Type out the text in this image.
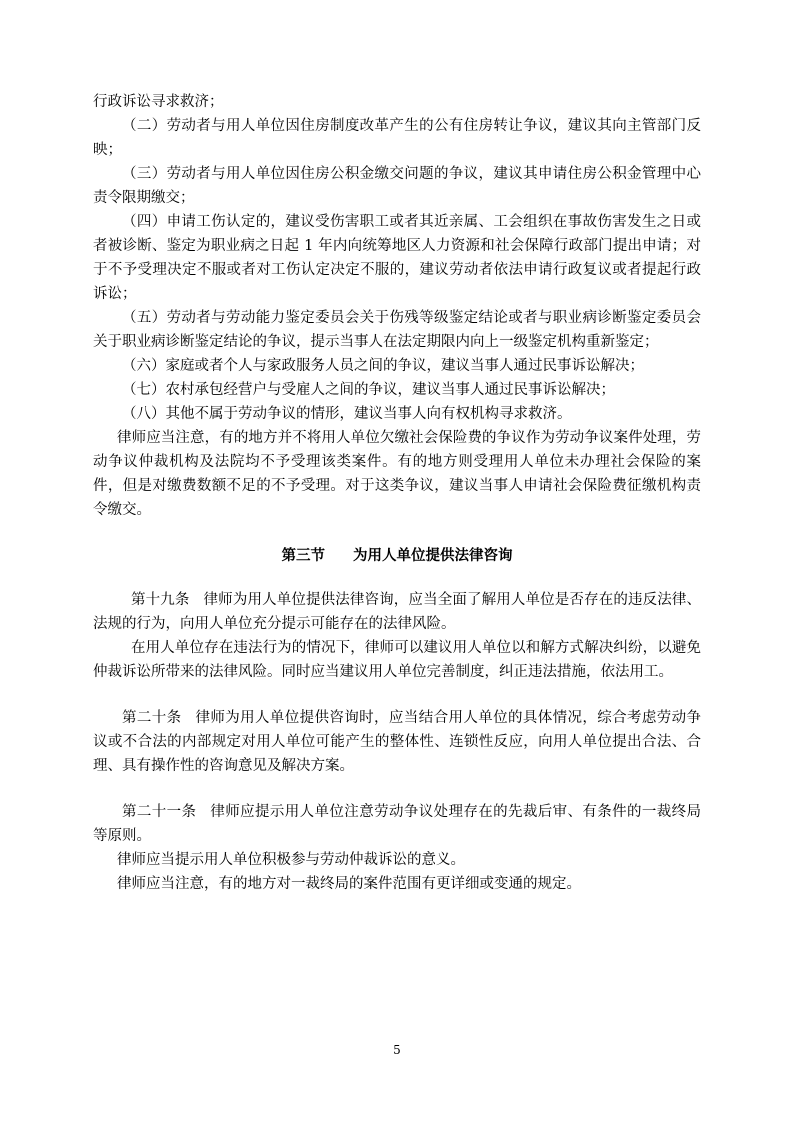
行政诉讼寻求救济；

（二）劳动者与用人单位因住房制度改革产生的公有住房转让争议，建议其向主管部门反映；

（三）劳动者与用人单位因住房公积金缴交问题的争议，建议其申请住房公积金管理中心责令限期缴交；

（四）申请工伤认定的，建议受伤害职工或者其近亲属、工会组织在事故伤害发生之日或者被诊断、鉴定为职业病之日起 1 年内向统筹地区人力资源和社会保障行政部门提出申请；对于不予受理决定不服或者对工伤认定决定不服的，建议劳动者依法申请行政复议或者提起行政诉讼；

（五）劳动者与劳动能力鉴定委员会关于伤残等级鉴定结论或者与职业病诊断鉴定委员会关于职业病诊断鉴定结论的争议，提示当事人在法定期限内向上一级鉴定机构重新鉴定；

（六）家庭或者个人与家政服务人员之间的争议，建议当事人通过民事诉讼解决；

（七）农村承包经营户与受雇人之间的争议，建议当事人通过民事诉讼解决；

（八）其他不属于劳动争议的情形，建议当事人向有权机构寻求救济。

律师应当注意，有的地方并不将用人单位欠缴社会保险费的争议作为劳动争议案件处理，劳动争议仲裁机构及法院均不予受理该类案件。有的地方则受理用人单位未办理社会保险的案件，但是对缴费数额不足的不予受理。对于这类争议，建议当事人申请社会保险费征缴机构责令缴交。

第三节 为用人单位提供法律咨询

第十九条 律师为用人单位提供法律咨询，应当全面了解用人单位是否存在的违反法律、法规的行为，向用人单位充分提示可能存在的法律风险。

在用人单位存在违法行为的情况下，律师可以建议用人单位以和解方式解决纠纷，以避免仲裁诉讼所带来的法律风险。同时应当建议用人单位完善制度，纠正违法措施，依法用工。

第二十条 律师为用人单位提供咨询时，应当结合用人单位的具体情况，综合考虑劳动争议或不合法的内部规定对用人单位可能产生的整体性、连锁性反应，向用人单位提出合法、合理、具有操作性的咨询意见及解决方案。

第二十一条 律师应提示用人单位注意劳动争议处理存在的先裁后审、有条件的一裁终局等原则。

律师应当提示用人单位积极参与劳动仲裁诉讼的意义。

律师应当注意，有的地方对一裁终局的案件范围有更详细或变通的规定。

5
